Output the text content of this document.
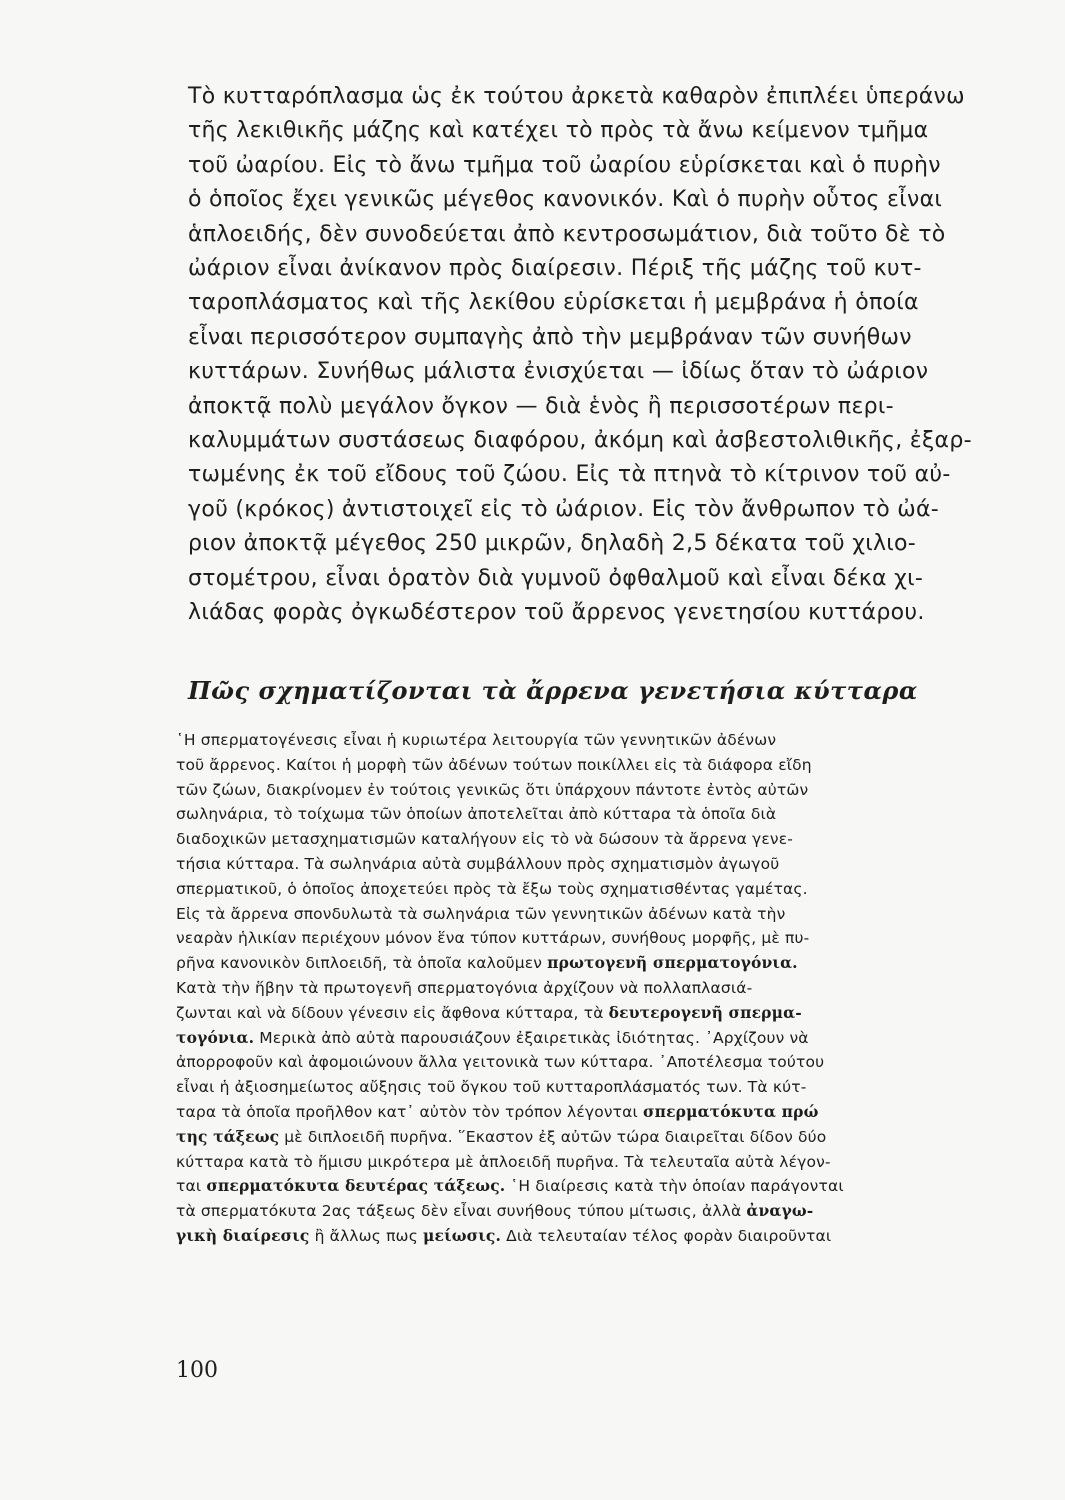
Τὸ κυτταρόπλασμα ὡς ἐκ τούτου ἀρκετὰ καθαρὸν ἐπιπλέει ὑπεράνω
τῆς λεκιθικῆς μάζης καὶ κατέχει τὸ πρὸς τὰ ἄνω κείμενον τμῆμα
τοῦ ὠαρίου. Εἰς τὸ ἄνω τμῆμα τοῦ ὠαρίου εὑρίσκεται καὶ ὁ πυρὴν
ὁ ὁποῖος ἔχει γενικῶς μέγεθος κανονικόν. Καὶ ὁ πυρὴν οὗτος εἶναι
ἁπλοειδής, δὲν συνοδεύεται ἀπὸ κεντροσωμάτιον, διὰ τοῦτο δὲ τὸ
ὠάριον εἶναι ἀνίκανον πρὸς διαίρεσιν. Πέριξ τῆς μάζης τοῦ κυτ-
ταροπλάσματος καὶ τῆς λεκίθου εὑρίσκεται ἡ μεμβράνα ἡ ὁποία
εἶναι περισσότερον συμπαγὴς ἀπὸ τὴν μεμβράναν τῶν συνήθων
κυττάρων. Συνήθως μάλιστα ἐνισχύεται — ἰδίως ὅταν τὸ ὠάριον
ἀποκτᾷ πολὺ μεγάλον ὄγκον — διὰ ἑνὸς ἢ περισσοτέρων περι-
καλυμμάτων συστάσεως διαφόρου, ἀκόμη καὶ ἀσβεστολιθικῆς, ἐξαρ-
τωμένης ἐκ τοῦ εἴδους τοῦ ζώου. Εἰς τὰ πτηνὰ τὸ κίτρινον τοῦ αὐ-
γοῦ (κρόκος) ἀντιστοιχεῖ εἰς τὸ ὠάριον. Εἰς τὸν ἄνθρωπον τὸ ὠά-
ριον ἀποκτᾷ μέγεθος 250 μικρῶν, δηλαδὴ 2,5 δέκατα τοῦ χιλιο-
στομέτρου, εἶναι ὁρατὸν διὰ γυμνοῦ ὀφθαλμοῦ καὶ εἶναι δέκα χι-
λιάδας φορὰς ὀγκωδέστερον τοῦ ἄρρενος γενετησίου κυττάρου.
Πῶς σχηματίζονται τὰ ἄρρενα γενετήσια κύτταρα
῾Η σπερματογένεσις εἶναι ἡ κυριωτέρα λειτουργία τῶν γεννητικῶν ἀδένων
τοῦ ἄρρενος. Καίτοι ἡ μορφὴ τῶν ἀδένων τούτων ποικίλλει εἰς τὰ διάφορα εἴδη
τῶν ζώων, διακρίνομεν ἐν τούτοις γενικῶς ὅτι ὑπάρχουν πάντοτε ἐντὸς αὐτῶν
σωληνάρια, τὸ τοίχωμα τῶν ὁποίων ἀποτελεῖται ἀπὸ κύτταρα τὰ ὁποῖα διὰ
διαδοχικῶν μετασχηματισμῶν καταλήγουν εἰς τὸ νὰ δώσουν τὰ ἄρρενα γενε-
τήσια κύτταρα. Τὰ σωληνάρια αὐτὰ συμβάλλουν πρὸς σχηματισμὸν ἀγωγοῦ
σπερματικοῦ, ὁ ὁποῖος ἀποχετεύει πρὸς τὰ ἔξω τοὺς σχηματισθέντας γαμέτας.
Εἰς τὰ ἄρρενα σπονδυλωτὰ τὰ σωληνάρια τῶν γεννητικῶν ἀδένων κατὰ τὴν
νεαρὰν ἡλικίαν περιέχουν μόνον ἕνα τύπον κυττάρων, συνήθους μορφῆς, μὲ πυ-
ρῆνα κανονικὸν διπλοειδῆ, τὰ ὁποῖα καλοῦμεν πρωτογενῆ σπερματογόνια.
Κατὰ τὴν ἥβην τὰ πρωτογενῆ σπερματογόνια ἀρχίζουν νὰ πολλαπλασιά-
ζωνται καὶ νὰ δίδουν γένεσιν εἰς ἄφθονα κύτταρα, τὰ δευτερογενῆ σπερμα-
τογόνια. Μερικὰ ἀπὸ αὐτὰ παρουσιάζουν ἐξαιρετικὰς ἰδιότητας. ᾿Αρχίζουν νὰ
ἀπορροφοῦν καὶ ἀφομοιώνουν ἄλλα γειτονικὰ των κύτταρα. ᾿Αποτέλεσμα τούτου
εἶναι ἡ ἀξιοσημείωτος αὔξησις τοῦ ὄγκου τοῦ κυτταροπλάσματός των. Τὰ κύτ-
ταρα τὰ ὁποῖα προῆλθον κατ᾿ αὐτὸν τὸν τρόπον λέγονται σπερματόκυτα πρώ
της τάξεως μὲ διπλοειδῆ πυρῆνα. ῞Εκαστον ἐξ αὐτῶν τώρα διαιρεῖται δίδον δύο
κύτταρα κατὰ τὸ ἥμισυ μικρότερα μὲ ἁπλοειδῆ πυρῆνα. Τὰ τελευταῖα αὐτὰ λέγον-
ται σπερματόκυτα δευτέρας τάξεως. ῾Η διαίρεσις κατὰ τὴν ὁποίαν παράγονται
τὰ σπερματόκυτα 2ας τάξεως δὲν εἶναι συνήθους τύπου μίτωσις, ἀλλὰ ἀναγω-
γικὴ διαίρεσις ἢ ἄλλως πως μείωσις. Διὰ τελευταίαν τέλος φορὰν διαιροῦνται
100
